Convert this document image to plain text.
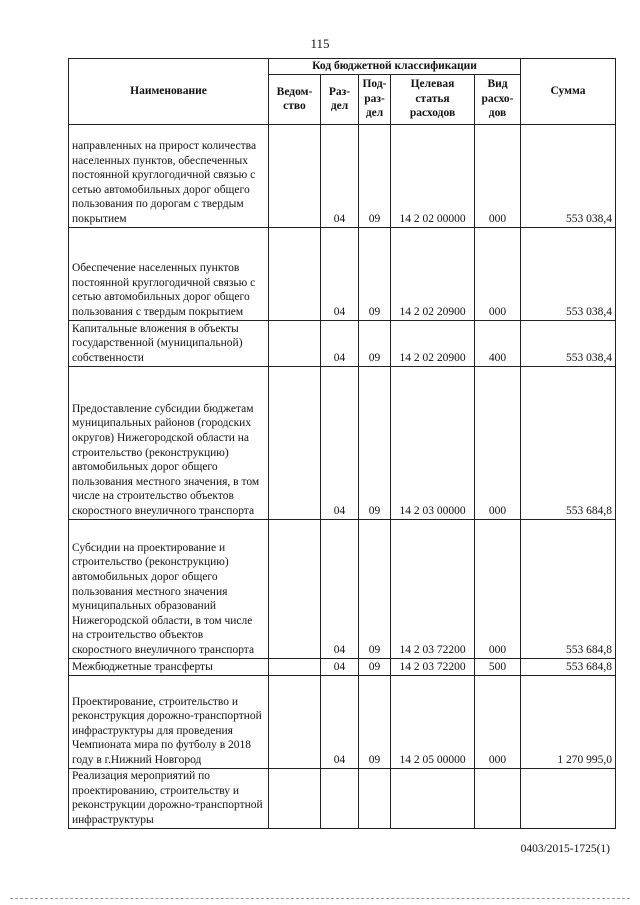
115
Наименование	Код бюджетной классификации					Сумма
	Ведом-ство	Раз-дел	Под-раз-дел	Целевая статья расходов	Вид расхо-дов	
направленных на прирост количества населенных пунктов, обеспеченных постоянной круглогодичной связью с сетью автомобильных дорог общего пользования по дорогам с твердым покрытием		04	09	14 2 02 00000	000	553 038,4
Обеспечение населенных пунктов постоянной круглогодичной связью с сетью автомобильных дорог общего пользования с твердым покрытием		04	09	14 2 02 20900	000	553 038,4
Капитальные вложения в объекты государственной (муниципальной) собственности		04	09	14 2 02 20900	400	553 038,4
Предоставление субсидии бюджетам муниципальных районов (городских округов) Нижегородской области на строительство (реконструкцию) автомобильных дорог общего пользования местного значения, в том числе на строительство объектов скоростного внеуличного транспорта		04	09	14 2 03 00000	000	553 684,8
Субсидии на проектирование и строительство (реконструкцию) автомобильных дорог общего пользования местного значения муниципальных образований Нижегородской области, в том числе на строительство объектов скоростного внеуличного транспорта		04	09	14 2 03 72200	000	553 684,8
Межбюджетные трансферты		04	09	14 2 03 72200	500	553 684,8
Проектирование, строительство и реконструкция дорожно-транспортной инфраструктуры для проведения Чемпионата мира по футболу в 2018 году в г.Нижний Новгород		04	09	14 2 05 00000	000	1 270 995,0
Реализация мероприятий по проектированию, строительству и реконструкции дорожно-транспортной инфраструктуры						
0403/2015-1725(1)
